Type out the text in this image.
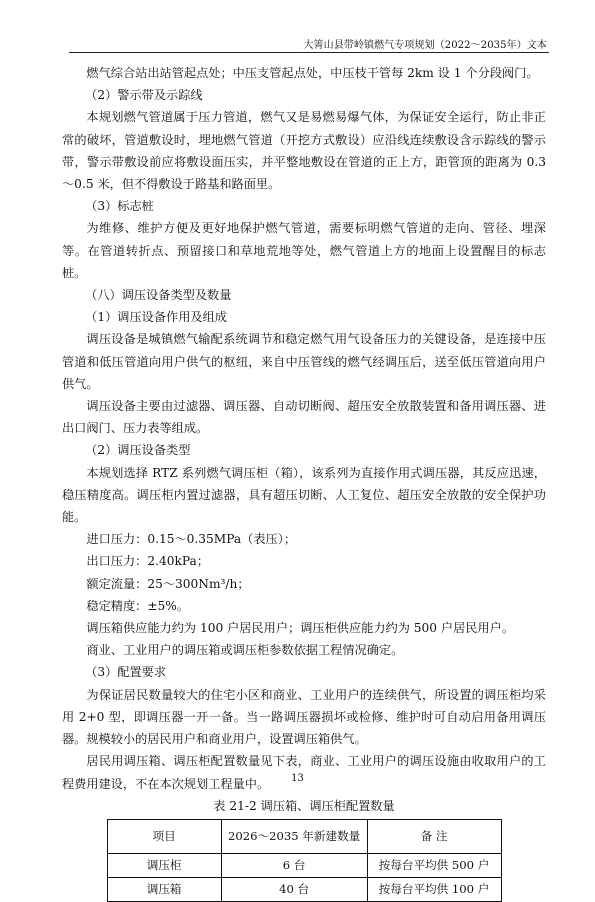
大箐山县带岭镇燃气专项规划（2022～2035年）文本

燃气综合站出站管起点处；中压支管起点处，中压枝干管每 2km 设 1 个分段阀门。

（2）警示带及示踪线

本规划燃气管道属于压力管道，燃气又是易燃易爆气体，为保证安全运行，防止非正常的破坏，管道敷设时，埋地燃气管道（开挖方式敷设）应沿线连续敷设含示踪线的警示带，警示带敷设前应将敷设面压实，并平整地敷设在管道的正上方，距管顶的距离为 0.3～0.5 米，但不得敷设于路基和路面里。

（3）标志桩

为维修、维护方便及更好地保护燃气管道，需要标明燃气管道的走向、管径、埋深等。在管道转折点、预留接口和草地荒地等处，燃气管道上方的地面上设置醒目的标志桩。

（八）调压设备类型及数量

（1）调压设备作用及组成

调压设备是城镇燃气输配系统调节和稳定燃气用气设备压力的关键设备，是连接中压管道和低压管道向用户供气的枢纽，来自中压管线的燃气经调压后，送至低压管道向用户供气。

调压设备主要由过滤器、调压器、自动切断阀、超压安全放散装置和备用调压器、进出口阀门、压力表等组成。

（2）调压设备类型

本规划选择 RTZ 系列燃气调压柜（箱），该系列为直接作用式调压器，其反应迅速，稳压精度高。调压柜内置过滤器，具有超压切断、人工复位、超压安全放散的安全保护功能。

进口压力：0.15～0.35MPa（表压）；

出口压力：2.40kPa；

额定流量：25～300Nm³/h；

稳定精度：±5%。

调压箱供应能力约为 100 户居民用户；调压柜供应能力约为 500 户居民用户。

商业、工业用户的调压箱或调压柜参数依据工程情况确定。

（3）配置要求

为保证居民数量较大的住宅小区和商业、工业用户的连续供气，所设置的调压柜均采用 2+0 型，即调压器一开一备。当一路调压器损坏或检修、维护时可自动启用备用调压器。规模较小的居民用户和商业用户，设置调压箱供气。

居民用调压箱、调压柜配置数量见下表，商业、工业用户的调压设施由收取用户的工程费用建设，不在本次规划工程量中。

表 21-2 调压箱、调压柜配置数量
项目	2026～2035 年新建数量	备 注
调压柜	6 台	按每台平均供 500 户
调压箱	40 台	按每台平均供 100 户
13
